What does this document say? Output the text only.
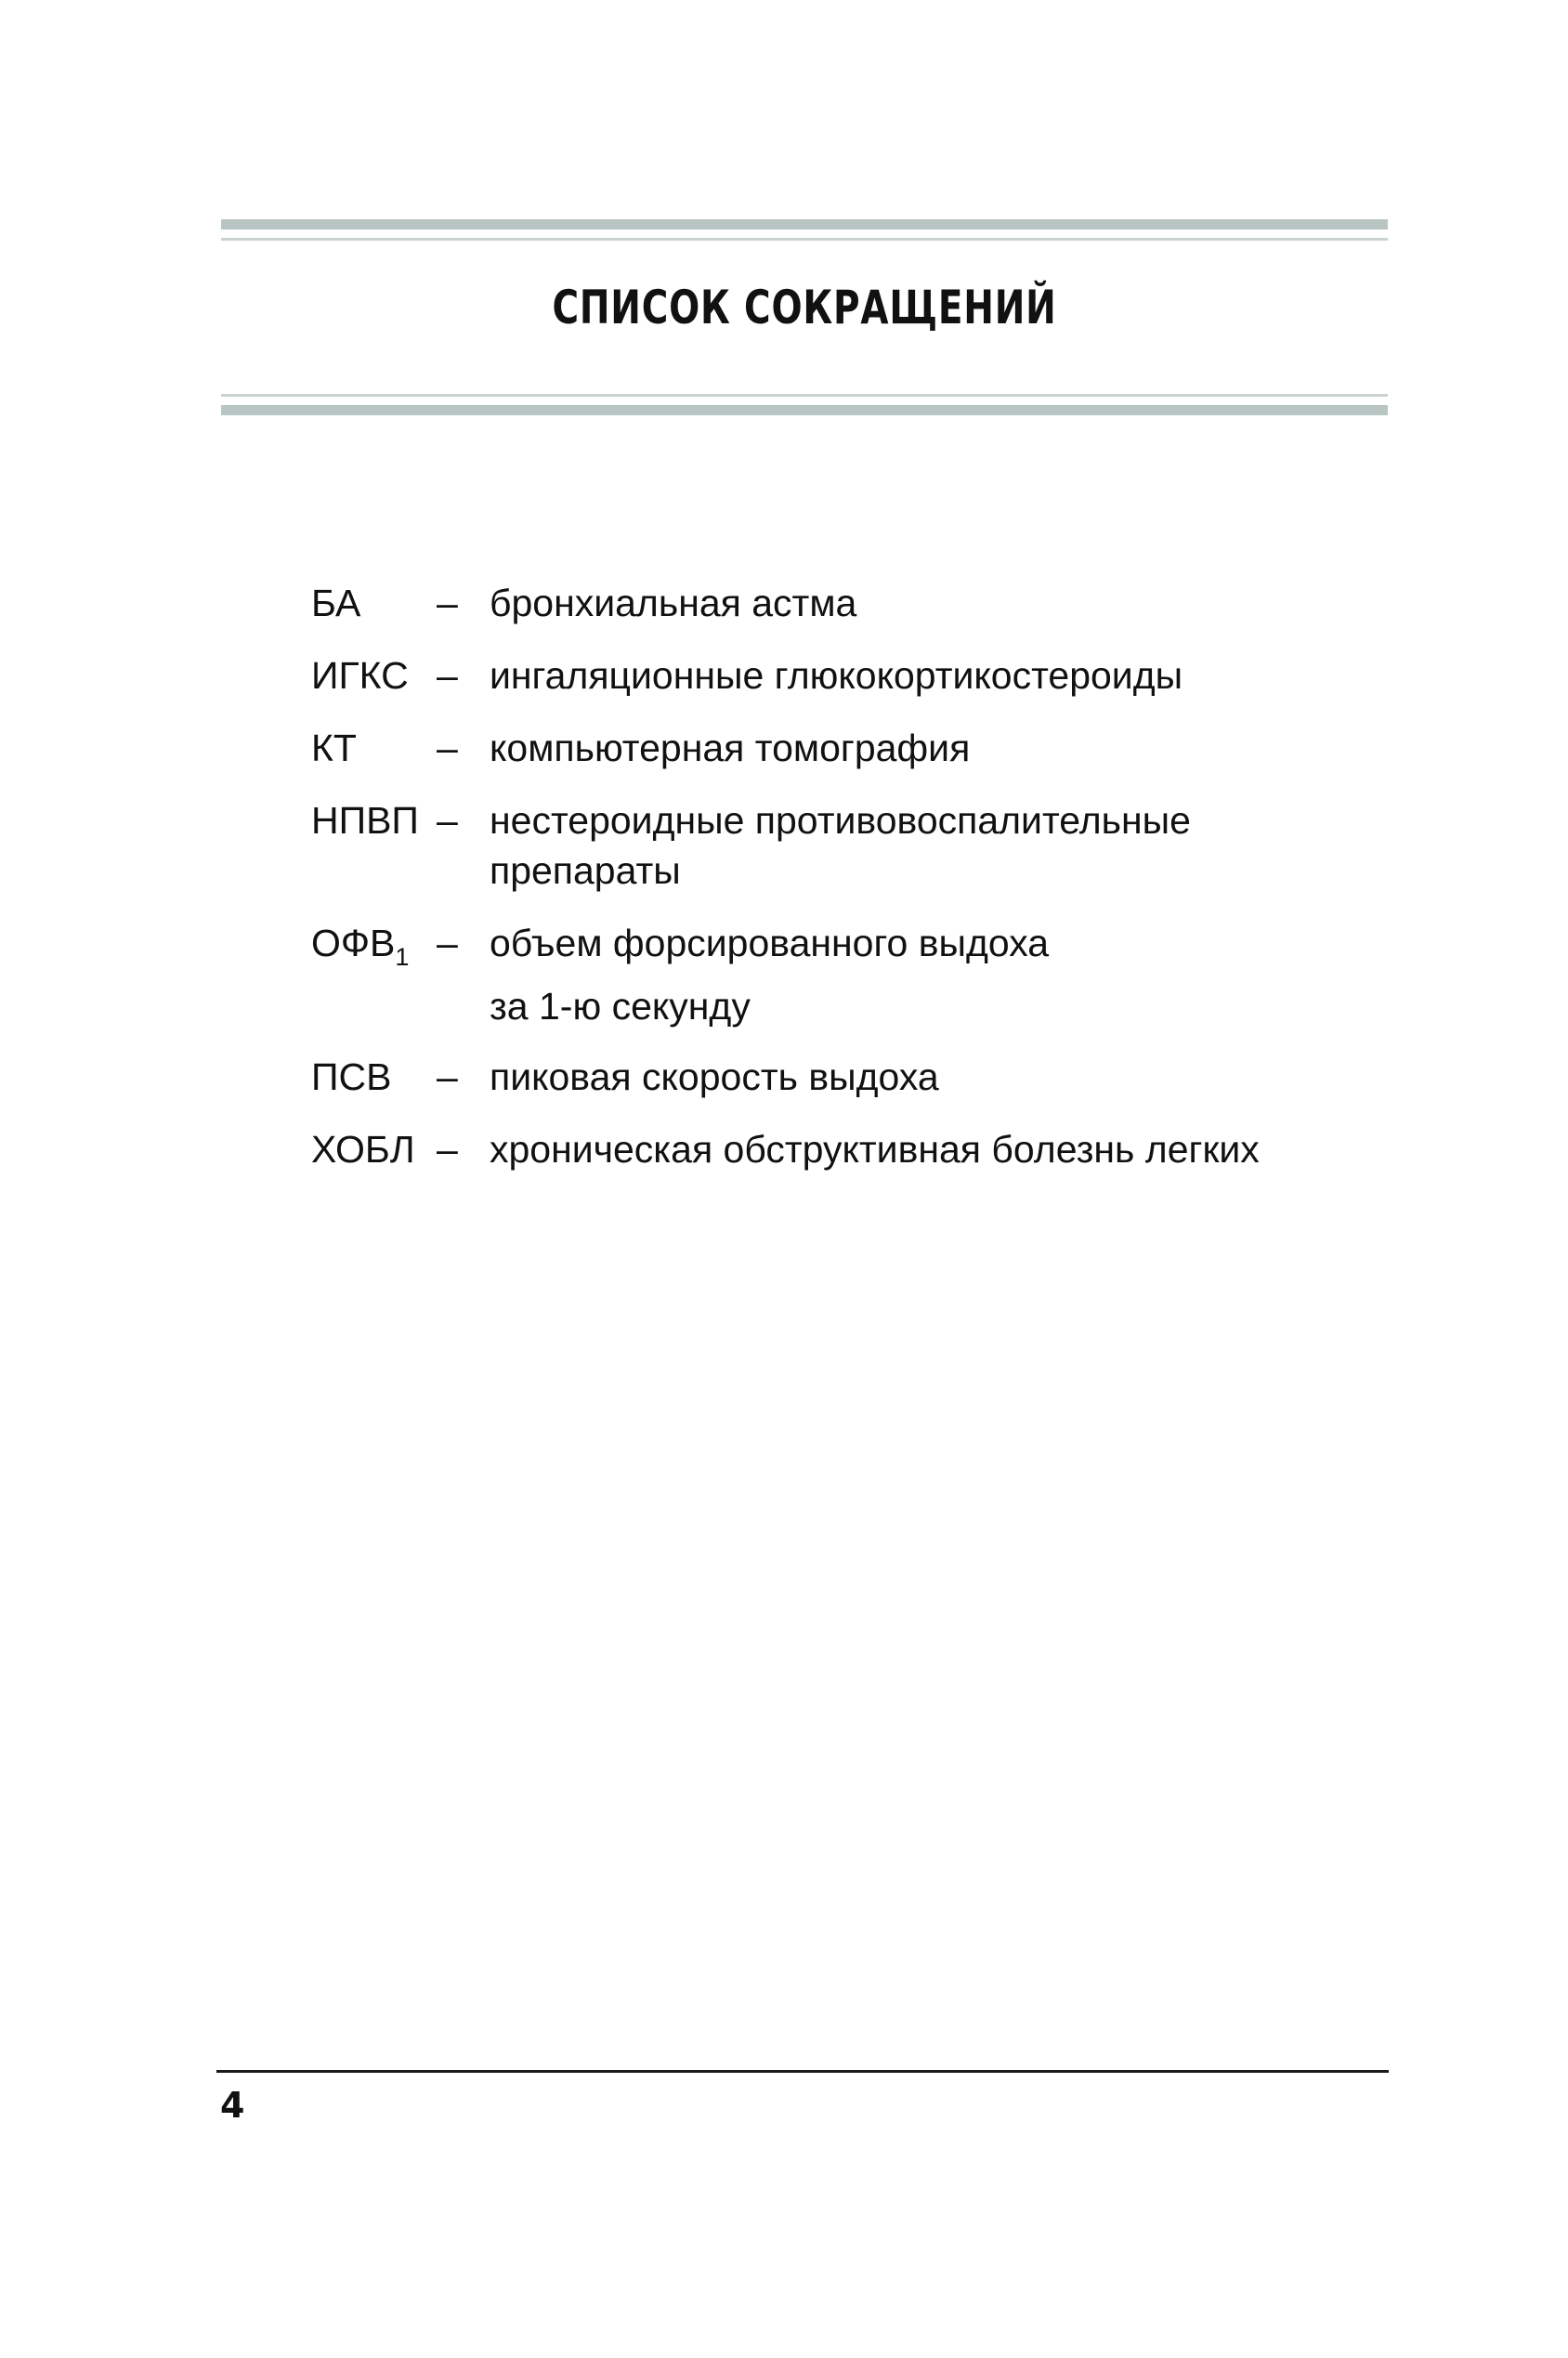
СПИСОК СОКРАЩЕНИЙ
БА	– бронхиальная астма
ИГКС – ингаляционные глюкокортикостероиды
КТ	– компьютерная томография
НПВП – нестероидные противовоспалительные
препараты
$ОФВ_1$ – объем форсированного выдоха
за 1-ю секунду
ПСВ	– пиковая скорость выдоха
ХОБЛ – хроническая обструктивная болезнь легких
4
